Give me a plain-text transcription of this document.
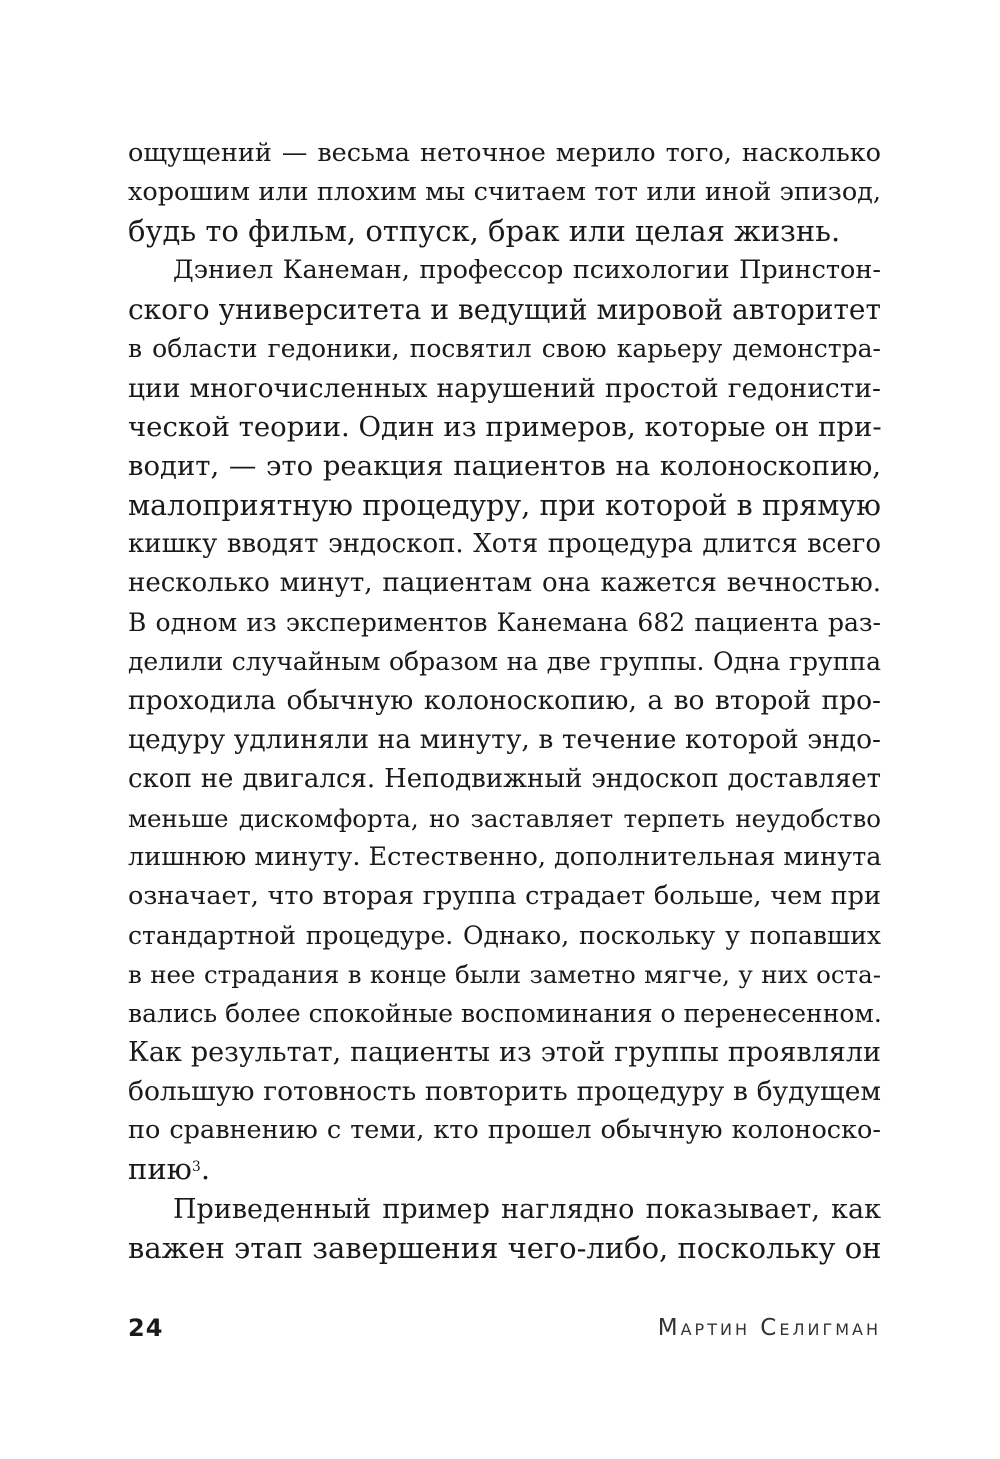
ощущений — весьма неточное мерило того, насколько
хорошим или плохим мы считаем тот или иной эпизод,
будь то фильм, отпуск, брак или целая жизнь.
Дэниел Канеман, профессор психологии Принстон-
ского университета и ведущий мировой авторитет
в области гедоники, посвятил свою карьеру демонстра-
ции многочисленных нарушений простой гедонисти-
ческой теории. Один из примеров, которые он при-
водит, — это реакция пациентов на колоноскопию,
малоприятную процедуру, при которой в прямую
кишку вводят эндоскоп. Хотя процедура длится всего
несколько минут, пациентам она кажется вечностью.
В одном из экспериментов Канемана 682 пациента раз-
делили случайным образом на две группы. Одна группа
проходила обычную колоноскопию, а во второй про-
цедуру удлиняли на минуту, в течение которой эндо-
скоп не двигался. Неподвижный эндоскоп доставляет
меньше дискомфорта, но заставляет терпеть неудобство
лишнюю минуту. Естественно, дополнительная минута
означает, что вторая группа страдает больше, чем при
стандартной процедуре. Однако, поскольку у попавших
в нее страдания в конце были заметно мягче, у них оста-
вались более спокойные воспоминания о перенесенном.
Как результат, пациенты из этой группы проявляли
большую готовность повторить процедуру в будущем
по сравнению с теми, кто прошел обычную колоноско-
пию$^3$.
Приведенный пример наглядно показывает, как
важен этап завершения чего-либо, поскольку он
24	Мартин Селигман
